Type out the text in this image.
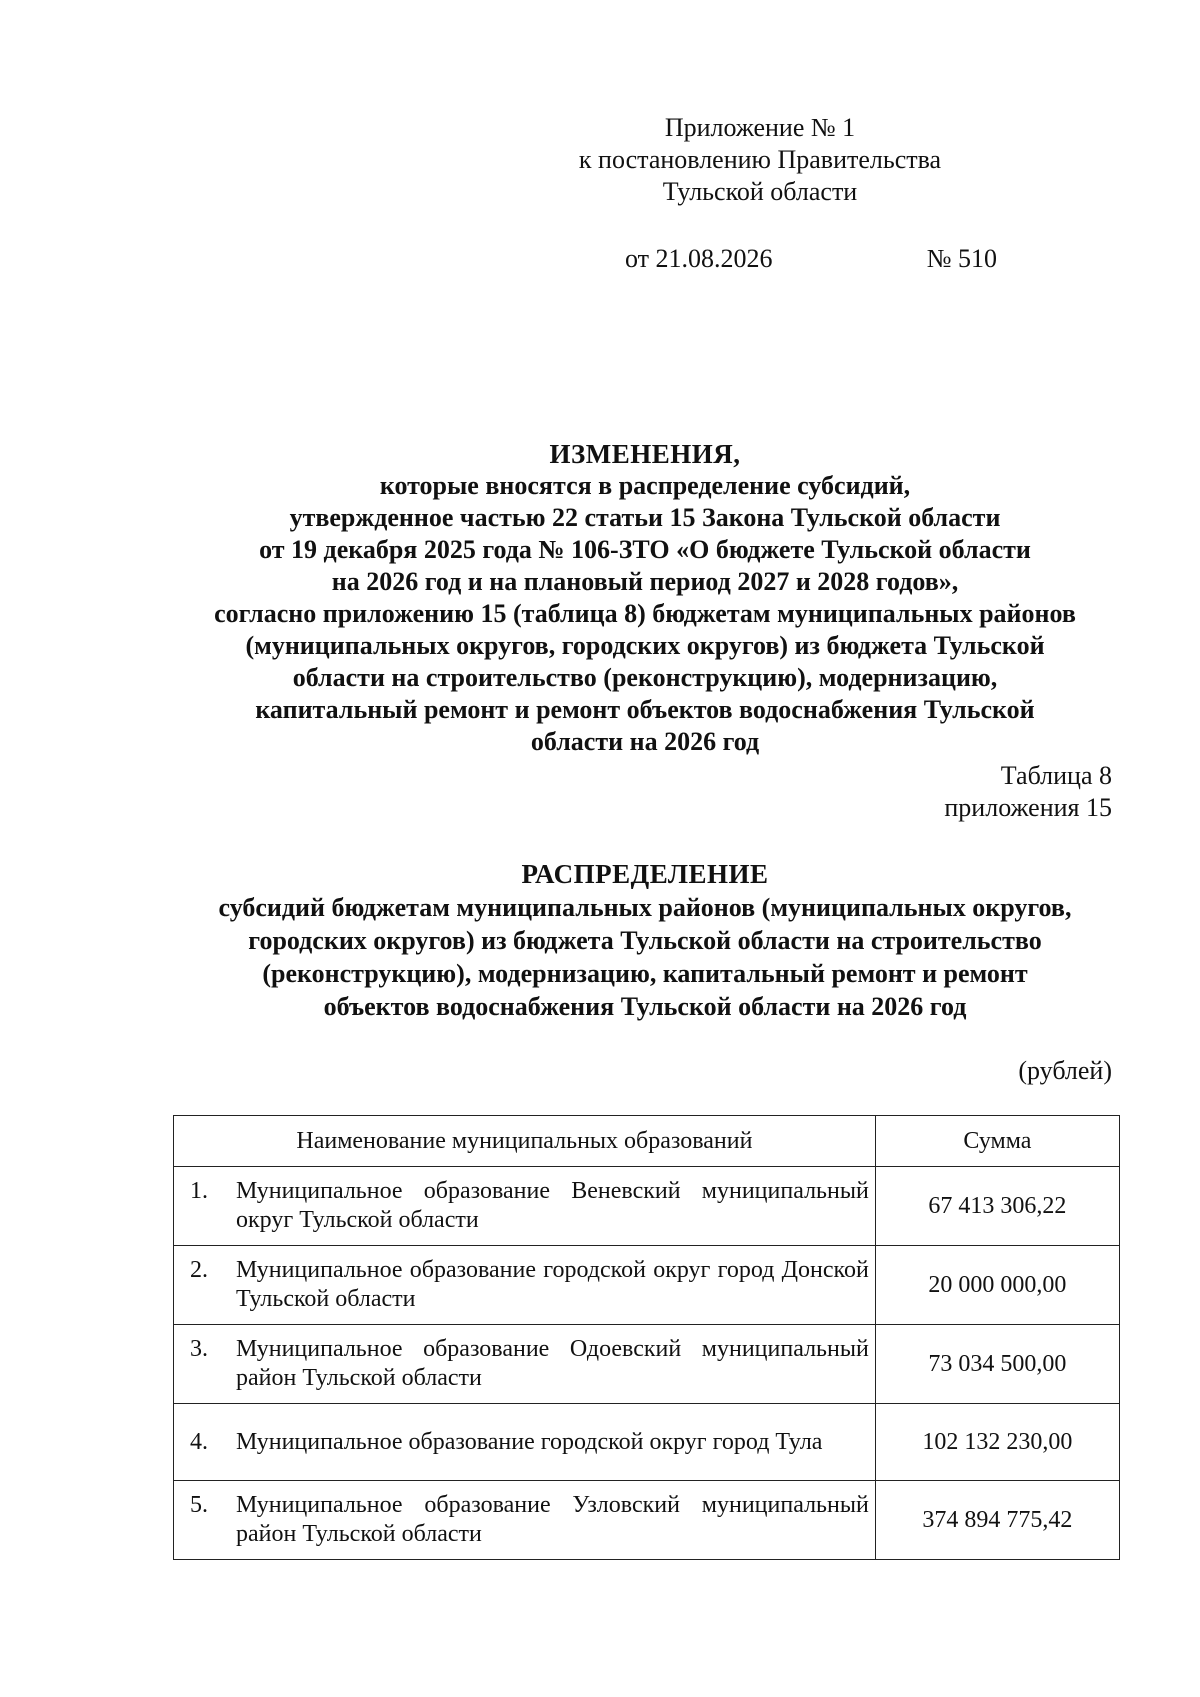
Приложение № 1
к постановлению Правительства
Тульской области
от 21.08.2026	№ 510
ИЗМЕНЕНИЯ,
которые вносятся в распределение субсидий,
утвержденное частью 22 статьи 15 Закона Тульской области
от 19 декабря 2025 года № 106-ЗТО «О бюджете Тульской области
на 2026 год и на плановый период 2027 и 2028 годов»,
согласно приложению 15 (таблица 8) бюджетам муниципальных районов
(муниципальных округов, городских округов) из бюджета Тульской
области на строительство (реконструкцию), модернизацию,
капитальный ремонт и ремонт объектов водоснабжения Тульской
области на 2026 год
Таблица 8
приложения 15
РАСПРЕДЕЛЕНИЕ
субсидий бюджетам муниципальных районов (муниципальных округов,
городских округов) из бюджета Тульской области на строительство
(реконструкцию), модернизацию, капитальный ремонт и ремонт
объектов водоснабжения Тульской области на 2026 год
(рублей)
Наименование муниципальных образований	Сумма

1. Муниципальное образование Веневский муниципальный округ Тульской области	67 413 306,22

2. Муниципальное образование городской округ город Донской Тульской области	20 000 000,00

3. Муниципальное образование Одоевский муниципальный район Тульской области	73 034 500,00

4. Муниципальное образование городской округ город Тула	102 132 230,00

5. Муниципальное образование Узловский муниципальный район Тульской области	374 894 775,42
